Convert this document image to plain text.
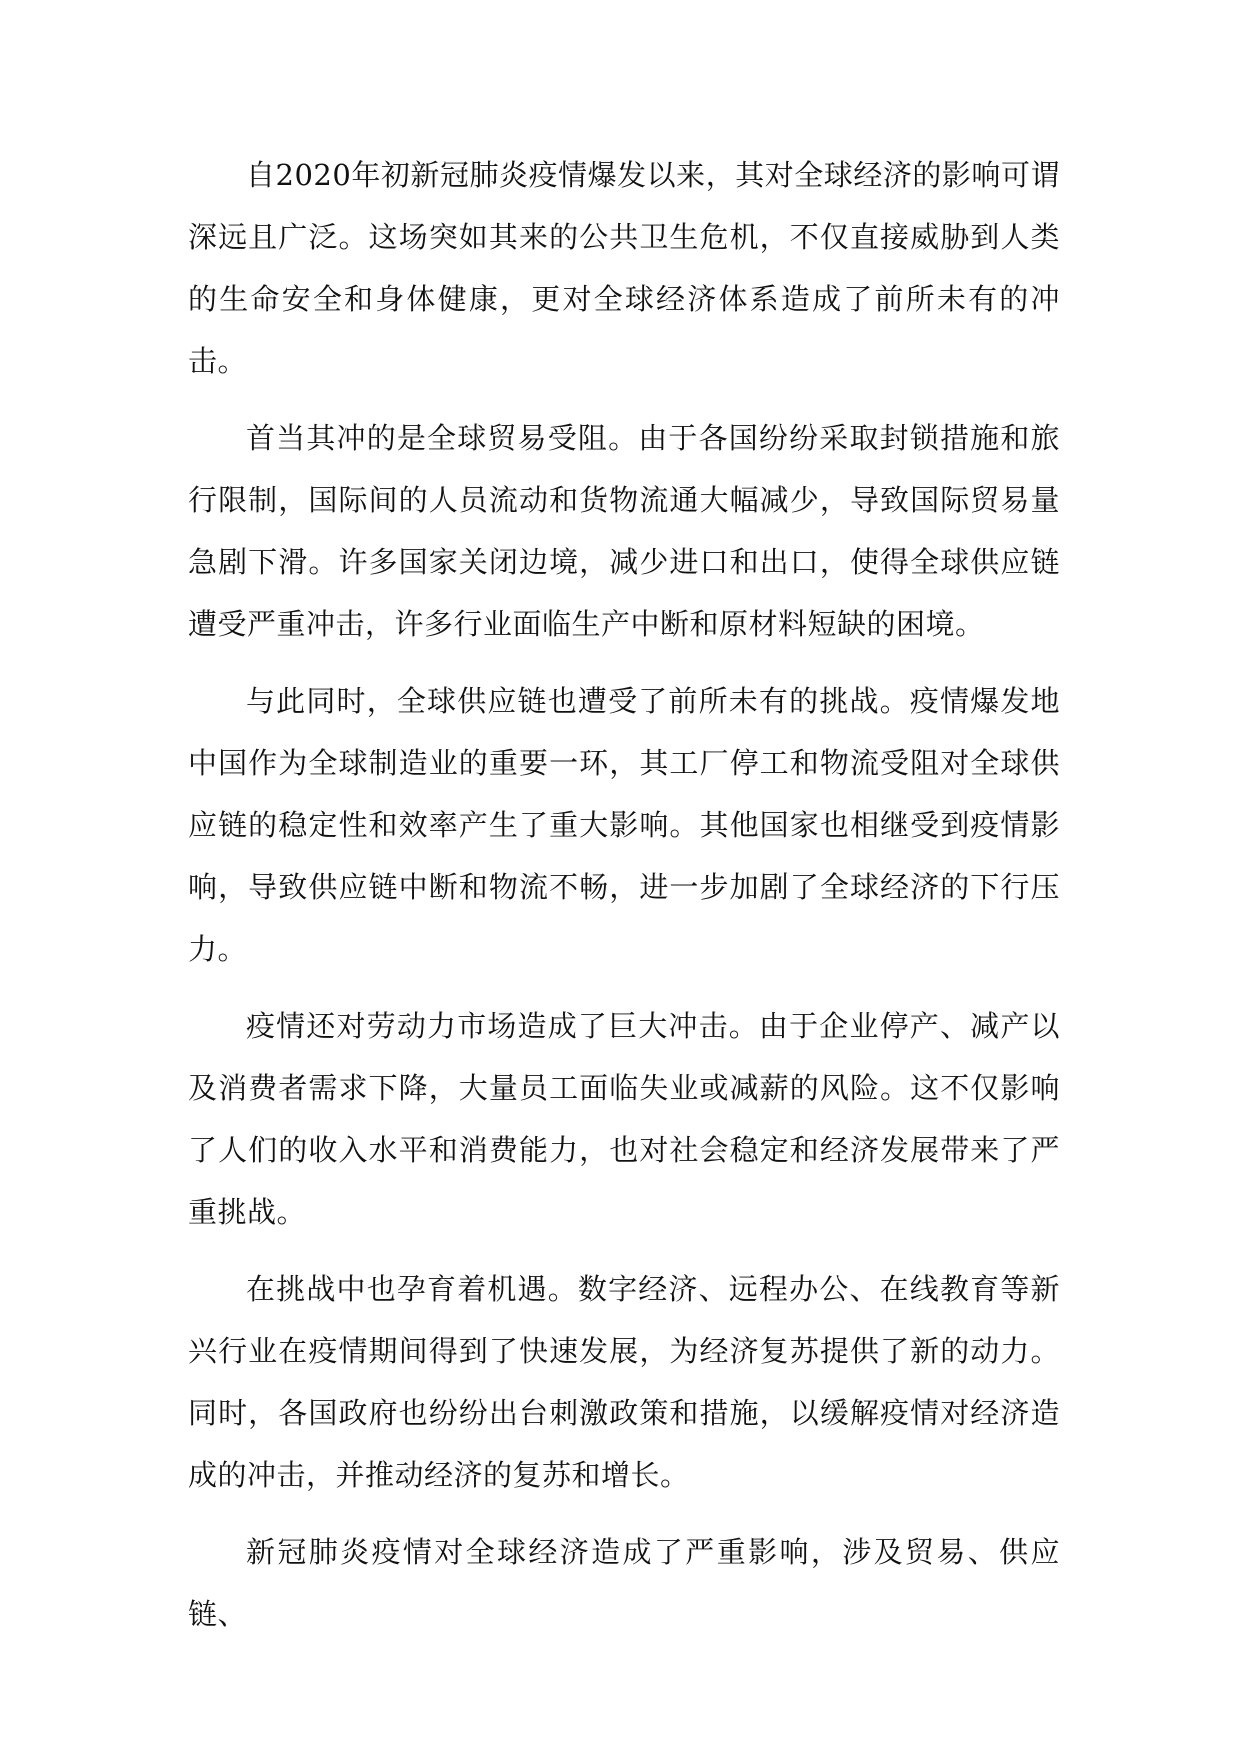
自2020年初新冠肺炎疫情爆发以来，其对全球经济的影响可谓深远且广泛。这场突如其来的公共卫生危机，不仅直接威胁到人类的生命安全和身体健康，更对全球经济体系造成了前所未有的冲击。

首当其冲的是全球贸易受阻。由于各国纷纷采取封锁措施和旅行限制，国际间的人员流动和货物流通大幅减少，导致国际贸易量急剧下滑。许多国家关闭边境，减少进口和出口，使得全球供应链遭受严重冲击，许多行业面临生产中断和原材料短缺的困境。

与此同时，全球供应链也遭受了前所未有的挑战。疫情爆发地中国作为全球制造业的重要一环，其工厂停工和物流受阻对全球供应链的稳定性和效率产生了重大影响。其他国家也相继受到疫情影响，导致供应链中断和物流不畅，进一步加剧了全球经济的下行压力。

疫情还对劳动力市场造成了巨大冲击。由于企业停产、减产以及消费者需求下降，大量员工面临失业或减薪的风险。这不仅影响了人们的收入水平和消费能力，也对社会稳定和经济发展带来了严重挑战。

在挑战中也孕育着机遇。数字经济、远程办公、在线教育等新兴行业在疫情期间得到了快速发展，为经济复苏提供了新的动力。同时，各国政府也纷纷出台刺激政策和措施，以缓解疫情对经济造成的冲击，并推动经济的复苏和增长。

新冠肺炎疫情对全球经济造成了严重影响，涉及贸易、供应链、
